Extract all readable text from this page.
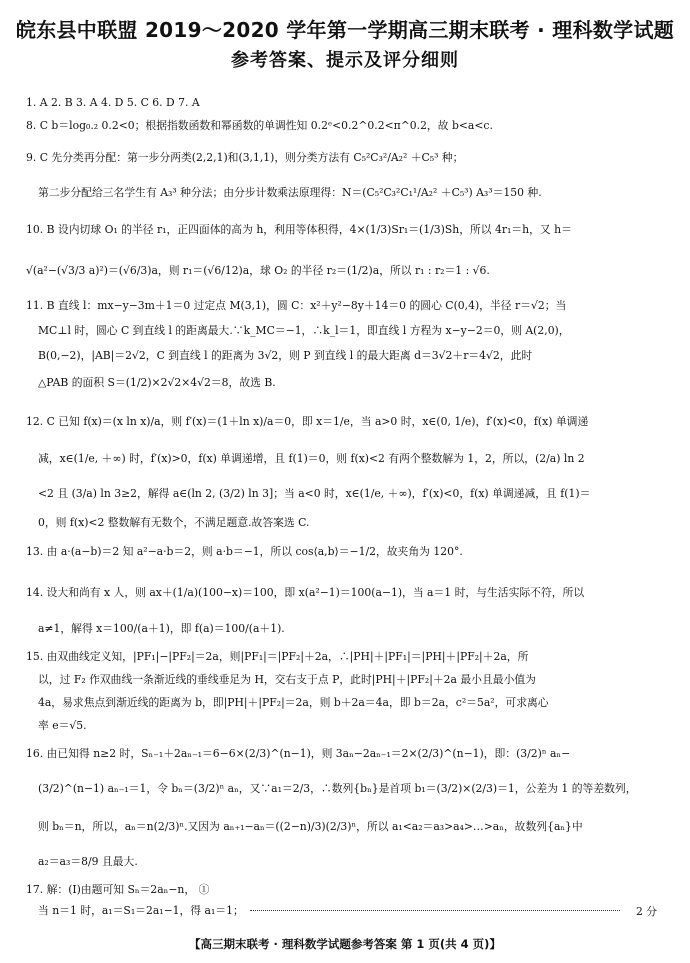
皖东县中联盟 2019～2020 学年第一学期高三期末联考 · 理科数学试题
参考答案、提示及评分细则
1. A 2. B 3. A 4. D 5. C 6. D 7. A
8. C b＝log₀.₂ 0.2<0；根据指数函数和幂函数的单调性知 0.2ᵉ<0.2^0.2<π^0.2，故 b<a<c.
9. C 先分类再分配：第一步分两类(2,2,1)和(3,1,1)，则分类方法有 C₅²C₃²/A₂² ＋C₅³ 种；
第二步分配给三名学生有 A₃³ 种分法；由分步计数乘法原理得：N＝(C₅²C₃²C₁¹/A₂² ＋C₅³) A₃³＝150 种.
10. B 设内切球 O₁ 的半径 r₁，正四面体的高为 h，利用等体积得，4×(1/3)Sr₁＝(1/3)Sh，所以 4r₁＝h，又 h＝
√(a²−(√3/3 a)²)＝(√6/3)a，则 r₁＝(√6/12)a，球 O₂ 的半径 r₂＝(1/2)a，所以 r₁ : r₂＝1 : √6.
11. B 直线 l：mx−y−3m＋1＝0 过定点 M(3,1)，圆 C：x²＋y²−8y＋14＝0 的圆心 C(0,4)，半径 r＝√2；当
MC⊥l 时，圆心 C 到直线 l 的距离最大.∵k_MC＝−1，∴k_l＝1，即直线 l 方程为 x−y−2＝0，则 A(2,0)，
B(0,−2)，|AB|＝2√2，C 到直线 l 的距离为 3√2，则 P 到直线 l 的最大距离 d＝3√2＋r＝4√2，此时
△PAB 的面积 S＝(1/2)×2√2×4√2＝8，故选 B.
12. C 已知 f(x)＝(x ln x)/a，则 f′(x)＝(1＋ln x)/a＝0，即 x＝1/e，当 a>0 时，x∈(0, 1/e)，f′(x)<0，f(x) 单调递
减，x∈(1/e, ＋∞) 时，f′(x)>0，f(x) 单调递增，且 f(1)＝0，则 f(x)<2 有两个整数解为 1，2，所以，(2/a) ln 2
<2 且 (3/a) ln 3≥2，解得 a∈(ln 2, (3/2) ln 3]；当 a<0 时，x∈(1/e, ＋∞)，f′(x)<0，f(x) 单调递减，且 f(1)＝
0，则 f(x)<2 整数解有无数个，不满足题意.故答案选 C.
13. 由 a·(a−b)＝2 知 a²−a·b＝2，则 a·b＝−1，所以 cos⟨a,b⟩＝−1/2，故夹角为 120°.
14. 设大和尚有 x 人，则 ax＋(1/a)(100−x)＝100，即 x(a²−1)＝100(a−1)，当 a＝1 时，与生活实际不符，所以
a≠1，解得 x＝100/(a＋1)，即 f(a)＝100/(a＋1).
15. 由双曲线定义知，|PF₁|−|PF₂|＝2a，则|PF₁|＝|PF₂|＋2a，∴|PH|＋|PF₁|＝|PH|＋|PF₂|＋2a，所
以，过 F₂ 作双曲线一条渐近线的垂线垂足为 H，交右支于点 P，此时|PH|＋|PF₂|＋2a 最小且最小值为
4a，易求焦点到渐近线的距离为 b，即|PH|＋|PF₂|＝2a，则 b＋2a＝4a，即 b＝2a，c²＝5a²，可求离心
率 e＝√5.
16. 由已知得 n≥2 时，Sₙ₋₁＋2aₙ₋₁＝6−6×(2/3)^(n−1)，则 3aₙ−2aₙ₋₁＝2×(2/3)^(n−1)，即：(3/2)ⁿ aₙ−
(3/2)^(n−1) aₙ₋₁＝1，令 bₙ＝(3/2)ⁿ aₙ，又∵a₁＝2/3，∴数列{bₙ}是首项 b₁＝(3/2)×(2/3)＝1，公差为 1 的等差数列，
则 bₙ＝n，所以，aₙ＝n(2/3)ⁿ.又因为 aₙ₊₁−aₙ＝((2−n)/3)(2/3)ⁿ，所以 a₁<a₂＝a₃>a₄>…>aₙ，故数列{aₙ}中
a₂＝a₃＝8/9 且最大.
17. 解：(Ⅰ)由题可知 Sₙ＝2aₙ−n， ①
当 n＝1 时，a₁＝S₁＝2a₁−1，得 a₁＝1；	2 分
【高三期末联考 · 理科数学试题参考答案 第 1 页(共 4 页)】
